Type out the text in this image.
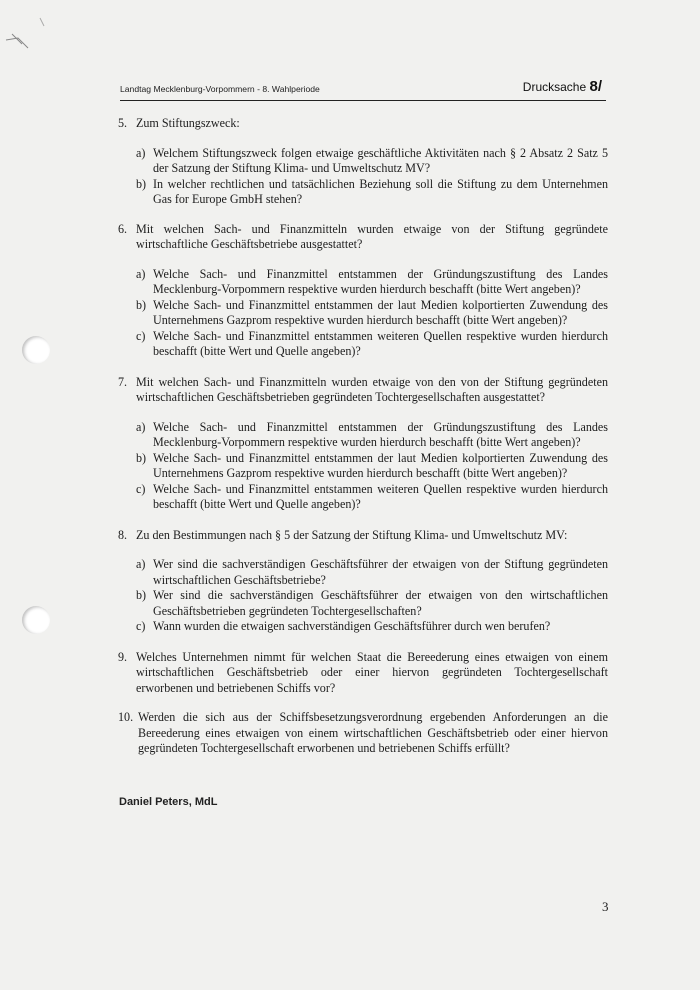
Landtag Mecklenburg-Vorpommern - 8. Wahlperiode	Drucksache 8/
5. Zum Stiftungszweck:
a) Welchem Stiftungszweck folgen etwaige geschäftliche Aktivitäten nach § 2 Absatz 2 Satz 5 der Satzung der Stiftung Klima- und Umweltschutz MV?
b) In welcher rechtlichen und tatsächlichen Beziehung soll die Stiftung zu dem Unternehmen Gas for Europe GmbH stehen?
6. Mit welchen Sach- und Finanzmitteln wurden etwaige von der Stiftung gegründete wirtschaftliche Geschäftsbetriebe ausgestattet?
a) Welche Sach- und Finanzmittel entstammen der Gründungszustiftung des Landes Mecklenburg-Vorpommern respektive wurden hierdurch beschafft (bitte Wert angeben)?
b) Welche Sach- und Finanzmittel entstammen der laut Medien kolportierten Zuwendung des Unternehmens Gazprom respektive wurden hierdurch beschafft (bitte Wert angeben)?
c) Welche Sach- und Finanzmittel entstammen weiteren Quellen respektive wurden hierdurch beschafft (bitte Wert und Quelle angeben)?
7. Mit welchen Sach- und Finanzmitteln wurden etwaige von den von der Stiftung gegründeten wirtschaftlichen Geschäftsbetrieben gegründeten Tochtergesellschaften ausgestattet?
a) Welche Sach- und Finanzmittel entstammen der Gründungszustiftung des Landes Mecklenburg-Vorpommern respektive wurden hierdurch beschafft (bitte Wert angeben)?
b) Welche Sach- und Finanzmittel entstammen der laut Medien kolportierten Zuwendung des Unternehmens Gazprom respektive wurden hierdurch beschafft (bitte Wert angeben)?
c) Welche Sach- und Finanzmittel entstammen weiteren Quellen respektive wurden hierdurch beschafft (bitte Wert und Quelle angeben)?
8. Zu den Bestimmungen nach § 5 der Satzung der Stiftung Klima- und Umweltschutz MV:
a) Wer sind die sachverständigen Geschäftsführer der etwaigen von der Stiftung gegründeten wirtschaftlichen Geschäftsbetriebe?
b) Wer sind die sachverständigen Geschäftsführer der etwaigen von den wirtschaftlichen Geschäftsbetrieben gegründeten Tochtergesellschaften?
c) Wann wurden die etwaigen sachverständigen Geschäftsführer durch wen berufen?
9. Welches Unternehmen nimmt für welchen Staat die Bereederung eines etwaigen von einem wirtschaftlichen Geschäftsbetrieb oder einer hiervon gegründeten Tochtergesellschaft erworbenen und betriebenen Schiffs vor?
10. Werden die sich aus der Schiffsbesetzungsverordnung ergebenden Anforderungen an die Bereederung eines etwaigen von einem wirtschaftlichen Geschäftsbetrieb oder einer hiervon gegründeten Tochtergesellschaft erworbenen und betriebenen Schiffs erfüllt?
Daniel Peters, MdL
3
